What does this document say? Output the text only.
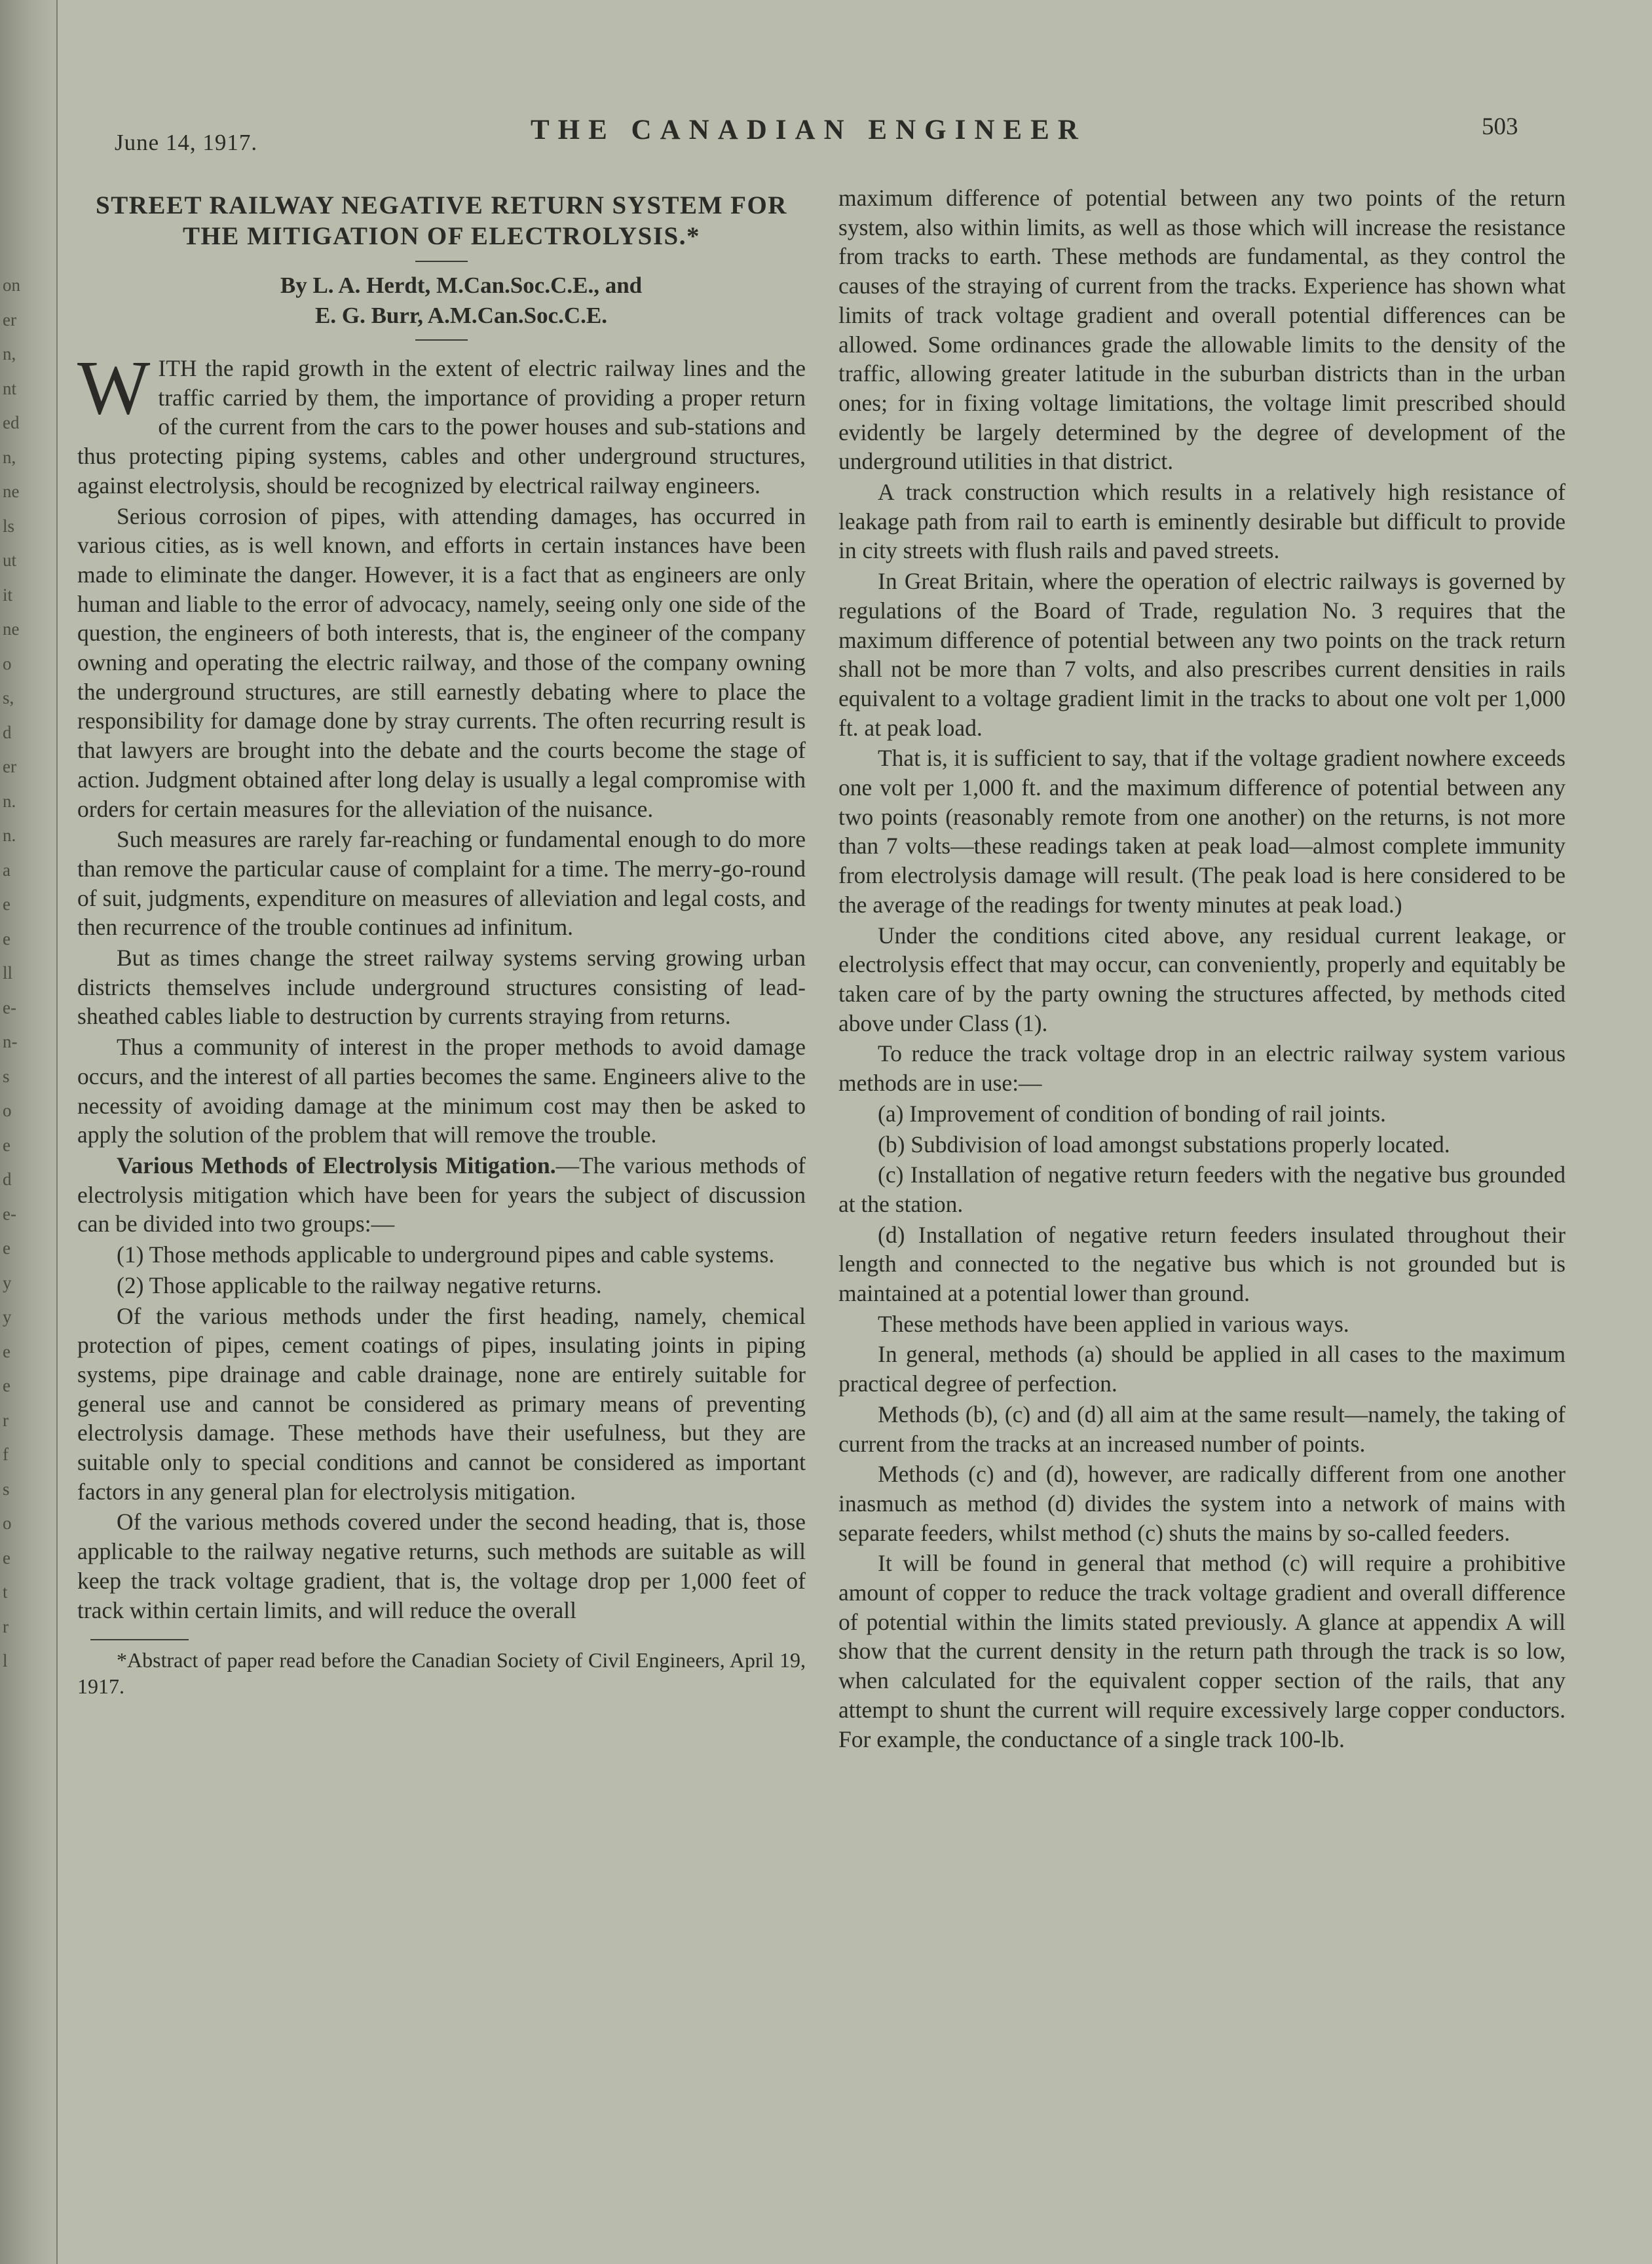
on
er
n,
nt
ed
n,
ne
ls
ut
it
ne
o
s,
d
er
n.
n.
a
e
e
ll
e-
n-
s
o
e
d
e-
e
y
y
e
e
r
f
s
o
e
t
r
l
June 14, 1917.	THE CANADIAN ENGINEER	503
STREET RAILWAY NEGATIVE RETURN SYSTEM FOR THE MITIGATION OF ELECTROLYSIS.*

By L. A. Herdt, M.Can.Soc.C.E., and

E. G. Burr, A.M.Can.Soc.C.E.

WITH the rapid growth in the extent of electric railway lines and the traffic carried by them, the importance of providing a proper return of the current from the cars to the power houses and sub-stations and thus protecting piping systems, cables and other underground structures, against electrolysis, should be recognized by electrical railway engineers.

Serious corrosion of pipes, with attending damages, has occurred in various cities, as is well known, and efforts in certain instances have been made to eliminate the danger. However, it is a fact that as engineers are only human and liable to the error of advocacy, namely, seeing only one side of the question, the engineers of both interests, that is, the engineer of the company owning and operating the electric railway, and those of the company owning the underground structures, are still earnestly debating where to place the responsibility for damage done by stray currents. The often recurring result is that lawyers are brought into the debate and the courts become the stage of action. Judgment obtained after long delay is usually a legal compromise with orders for certain measures for the alleviation of the nuisance.

Such measures are rarely far-reaching or fundamental enough to do more than remove the particular cause of complaint for a time. The merry-go-round of suit, judgments, expenditure on measures of alleviation and legal costs, and then recurrence of the trouble continues ad infinitum.

But as times change the street railway systems serving growing urban districts themselves include underground structures consisting of lead-sheathed cables liable to destruction by currents straying from returns.

Thus a community of interest in the proper methods to avoid damage occurs, and the interest of all parties becomes the same. Engineers alive to the necessity of avoiding damage at the minimum cost may then be asked to apply the solution of the problem that will remove the trouble.

Various Methods of Electrolysis Mitigation.—The various methods of electrolysis mitigation which have been for years the subject of discussion can be divided into two groups:—

(1) Those methods applicable to underground pipes and cable systems.

(2) Those applicable to the railway negative returns.

Of the various methods under the first heading, namely, chemical protection of pipes, cement coatings of pipes, insulating joints in piping systems, pipe drainage and cable drainage, none are entirely suitable for general use and cannot be considered as primary means of preventing electrolysis damage. These methods have their usefulness, but they are suitable only to special conditions and cannot be considered as important factors in any general plan for electrolysis mitigation.

Of the various methods covered under the second heading, that is, those applicable to the railway negative returns, such methods are suitable as will keep the track voltage gradient, that is, the voltage drop per 1,000 feet of track within certain limits, and will reduce the overall

*Abstract of paper read before the Canadian Society of Civil Engineers, April 19, 1917.

maximum difference of potential between any two points of the return system, also within limits, as well as those which will increase the resistance from tracks to earth. These methods are fundamental, as they control the causes of the straying of current from the tracks. Experience has shown what limits of track voltage gradient and overall potential differences can be allowed. Some ordinances grade the allowable limits to the density of the traffic, allowing greater latitude in the suburban districts than in the urban ones; for in fixing voltage limitations, the voltage limit prescribed should evidently be largely determined by the degree of development of the underground utilities in that district.

A track construction which results in a relatively high resistance of leakage path from rail to earth is eminently desirable but difficult to provide in city streets with flush rails and paved streets.

In Great Britain, where the operation of electric railways is governed by regulations of the Board of Trade, regulation No. 3 requires that the maximum difference of potential between any two points on the track return shall not be more than 7 volts, and also prescribes current densities in rails equivalent to a voltage gradient limit in the tracks to about one volt per 1,000 ft. at peak load.

That is, it is sufficient to say, that if the voltage gradient nowhere exceeds one volt per 1,000 ft. and the maximum difference of potential between any two points (reasonably remote from one another) on the returns, is not more than 7 volts—these readings taken at peak load—almost complete immunity from electrolysis damage will result. (The peak load is here considered to be the average of the readings for twenty minutes at peak load.)

Under the conditions cited above, any residual current leakage, or electrolysis effect that may occur, can conveniently, properly and equitably be taken care of by the party owning the structures affected, by methods cited above under Class (1).

To reduce the track voltage drop in an electric railway system various methods are in use:—

(a) Improvement of condition of bonding of rail joints.

(b) Subdivision of load amongst substations properly located.

(c) Installation of negative return feeders with the negative bus grounded at the station.

(d) Installation of negative return feeders insulated throughout their length and connected to the negative bus which is not grounded but is maintained at a potential lower than ground.

These methods have been applied in various ways.

In general, methods (a) should be applied in all cases to the maximum practical degree of perfection.

Methods (b), (c) and (d) all aim at the same result—namely, the taking of current from the tracks at an increased number of points.

Methods (c) and (d), however, are radically different from one another inasmuch as method (d) divides the system into a network of mains with separate feeders, whilst method (c) shuts the mains by so-called feeders.

It will be found in general that method (c) will require a prohibitive amount of copper to reduce the track voltage gradient and overall difference of potential within the limits stated previously. A glance at appendix A will show that the current density in the return path through the track is so low, when calculated for the equivalent copper section of the rails, that any attempt to shunt the current will require excessively large copper conductors. For example, the conductance of a single track 100-lb.
